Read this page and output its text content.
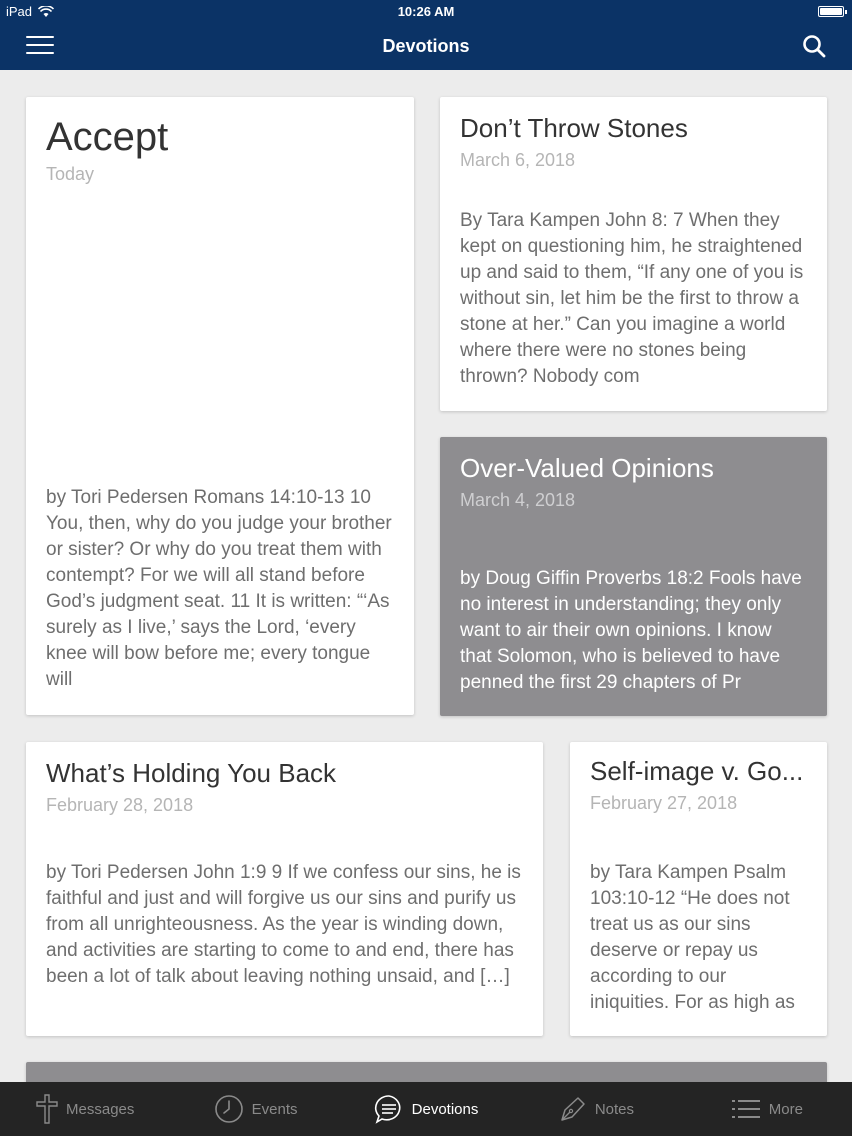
iPad	10:26 AM
Devotions
Accept
Today
by Tori Pedersen Romans 14:10-13 10 You, then, why do you judge your brother or sister? Or why do you treat them with contempt? For we will all stand before God’s judgment seat. 11 It is written: “‘As surely as I live,’ says the Lord, ‘every knee will bow before me; every tongue will
Don’t Throw Stones
March 6, 2018
By Tara Kampen John 8: 7 When they kept on questioning him, he straightened up and said to them, “If any one of you is without sin, let him be the first to throw a stone at her.” Can you imagine a world where there were no stones being thrown? Nobody com
Over-Valued Opinions
March 4, 2018
by Doug Giffin Proverbs 18:2 Fools have no interest in understanding; they only want to air their own opinions. I know that Solomon, who is believed to have penned the first 29 chapters of Pr
What’s Holding You Back
February 28, 2018
by Tori Pedersen John 1:9 9 If we confess our sins, he is faithful and just and will forgive us our sins and purify us from all unrighteousness. As the year is winding down, and activities are starting to come to and end, there has been a lot of talk about leaving nothing unsaid, and […]
Self-image v. Go...
February 27, 2018
by Tara Kampen Psalm 103:10-12 “He does not treat us as our sins deserve or repay us according to our iniquities. For as high as
Messages	Events	Devotions	Notes	More
